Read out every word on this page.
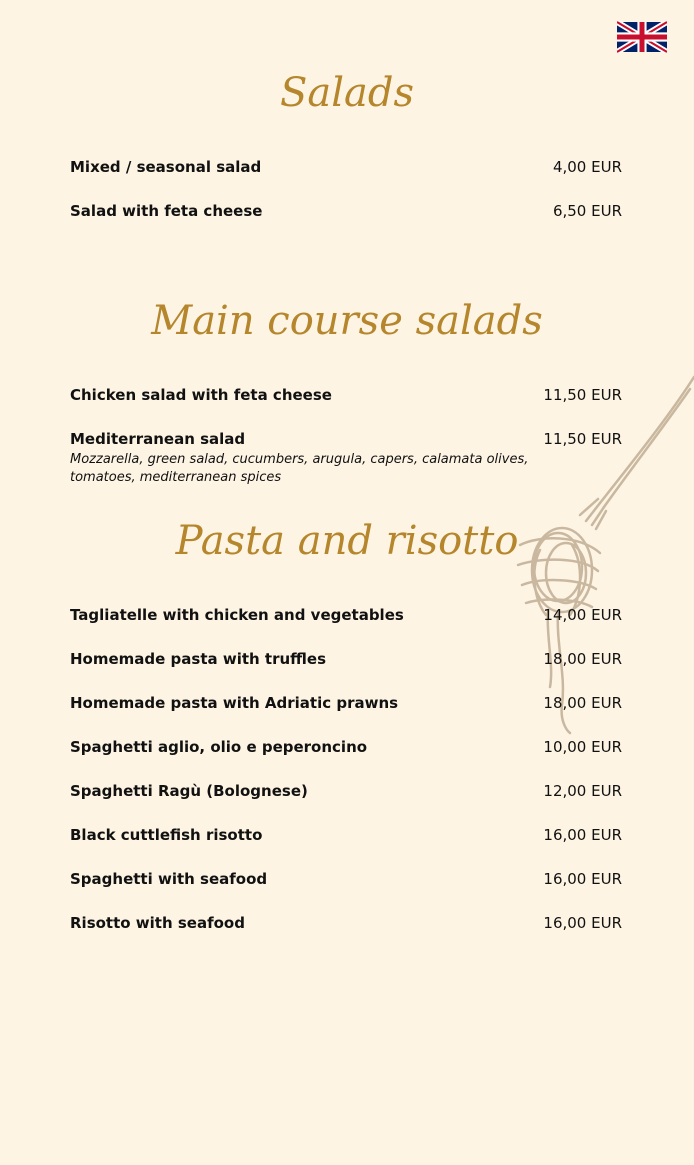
Salads
Mixed / seasonal salad	4,00 EUR
Salad with feta cheese	6,50 EUR
Main course salads
Chicken salad with feta cheese	11,50 EUR
Mediterranean salad	11,50 EUR
Mozzarella, green salad, cucumbers, arugula, capers, calamata olives, tomatoes, mediterranean spices
Pasta and risotto
Tagliatelle with chicken and vegetables	14,00 EUR
Homemade pasta with truffles	18,00 EUR
Homemade pasta with Adriatic prawns	18,00 EUR
Spaghetti aglio, olio e peperoncino	10,00 EUR
Spaghetti Ragù (Bolognese)	12,00 EUR
Black cuttlefish risotto	16,00 EUR
Spaghetti with seafood	16,00 EUR
Risotto with seafood	16,00 EUR
